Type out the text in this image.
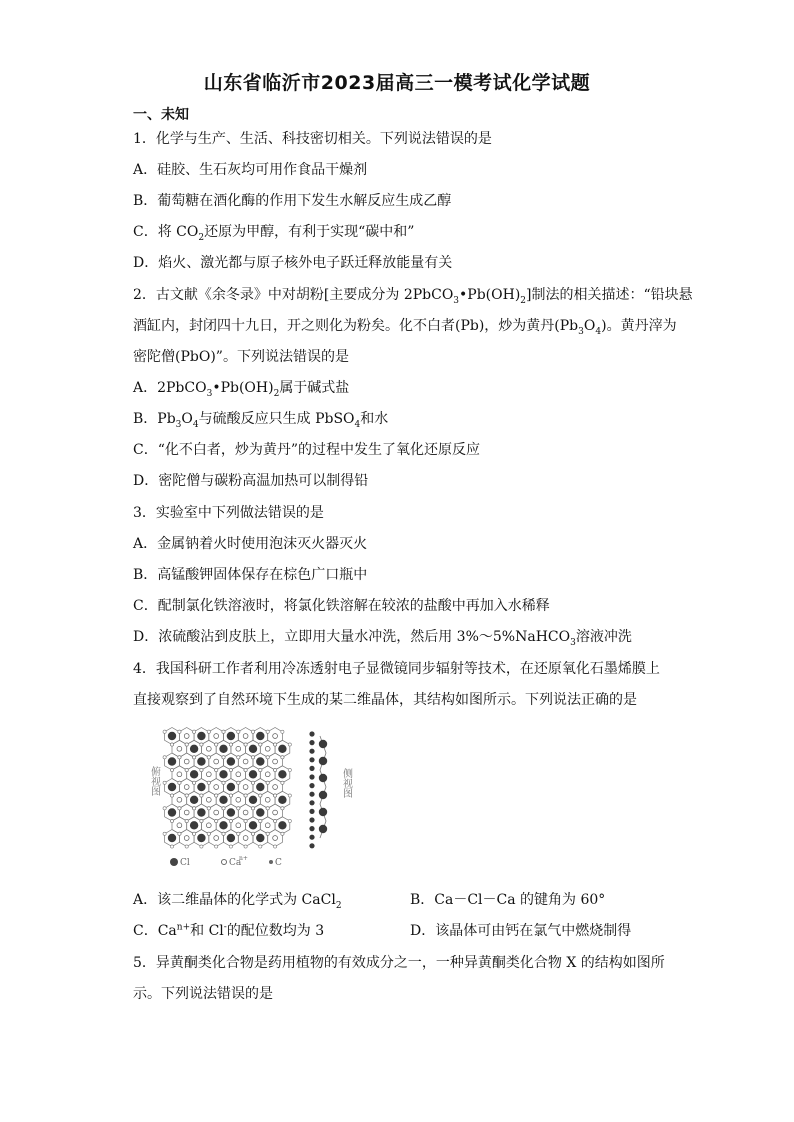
山东省临沂市2023届高三一模考试化学试题
一、未知
1．化学与生产、生活、科技密切相关。下列说法错误的是
A．硅胶、生石灰均可用作食品干燥剂
B．葡萄糖在酒化酶的作用下发生水解反应生成乙醇
C．将 $CO_2$还原为甲醇，有利于实现“碳中和”
D．焰火、激光都与原子核外电子跃迁释放能量有关
2．古文献《余冬录》中对胡粉[主要成分为 $2PbCO_3•Pb(OH)_2$]制法的相关描述：“铅块悬
酒缸内，封闭四十九日，开之则化为粉矣。化不白者(Pb)，炒为黄丹$(Pb_3O_4)$。黄丹滓为
密陀僧(PbO)”。下列说法错误的是
A．$2PbCO_3•Pb(OH)_2$属于碱式盐
B．$Pb_3O_4$与硫酸反应只生成 PbSO$_4$和水
C．“化不白者，炒为黄丹”的过程中发生了氧化还原反应
D．密陀僧与碳粉高温加热可以制得铅
3．实验室中下列做法错误的是
A．金属钠着火时使用泡沫灭火器灭火
B．高锰酸钾固体保存在棕色广口瓶中
C．配制氯化铁溶液时，将氯化铁溶解在较浓的盐酸中再加入水稀释
D．浓硫酸沾到皮肤上，立即用大量水冲洗，然后用 3%～5%NaHCO$_3$溶液冲洗
4．我国科研工作者利用冷冻透射电子显微镜同步辐射等技术，在还原氧化石墨烯膜上
直接观察到了自然环境下生成的某二维晶体，其结构如图所示。下列说法正确的是
俯视图	侧视图
Cl	Ca
n+	C
A．该二维晶体的化学式为 CaCl$_2$	B．Ca－Cl－Ca 的键角为 60°
C．$Ca^{n+}$和 Cl-的配位数均为 3	D．该晶体可由钙在氯气中燃烧制得
5．异黄酮类化合物是药用植物的有效成分之一，一种异黄酮类化合物 X 的结构如图所
示。下列说法错误的是
